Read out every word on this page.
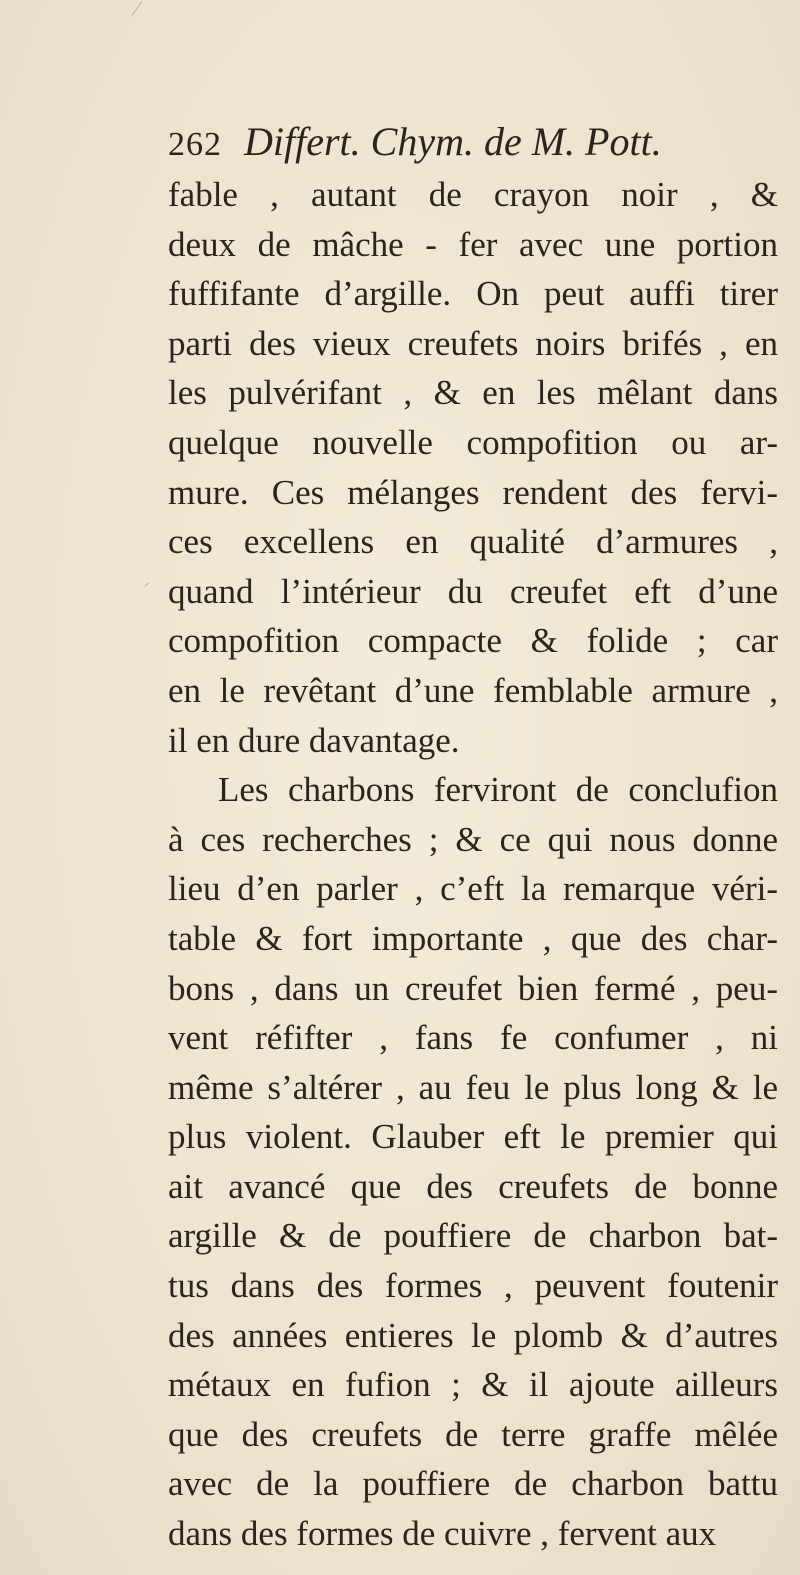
262 Differt. Chym. de M. Pott.
fable , autant de crayon noir , &
deux de mâche - fer avec une portion
fuffifante d’argille. On peut auffi tirer
parti des vieux creufets noirs brifés , en
les pulvérifant , & en les mêlant dans
quelque nouvelle compofition ou ar-
mure. Ces mélanges rendent des fervi-
ces excellens en qualité d’armures ,
quand l’intérieur du creufet eft d’une
compofition compacte & folide ; car
en le revêtant d’une femblable armure ,
il en dure davantage.
Les charbons ferviront de conclufion
à ces recherches ; & ce qui nous donne
lieu d’en parler , c’eft la remarque véri-
table & fort importante , que des char-
bons , dans un creufet bien fermé , peu-
vent réfifter , fans fe confumer , ni
même s’altérer , au feu le plus long & le
plus violent. Glauber eft le premier qui
ait avancé que des creufets de bonne
argille & de pouffiere de charbon bat-
tus dans des formes , peuvent foutenir
des années entieres le plomb & d’autres
métaux en fufion ; & il ajoute ailleurs
que des creufets de terre graffe mêlée
avec de la pouffiere de charbon battu
dans des formes de cuivre , fervent aux
